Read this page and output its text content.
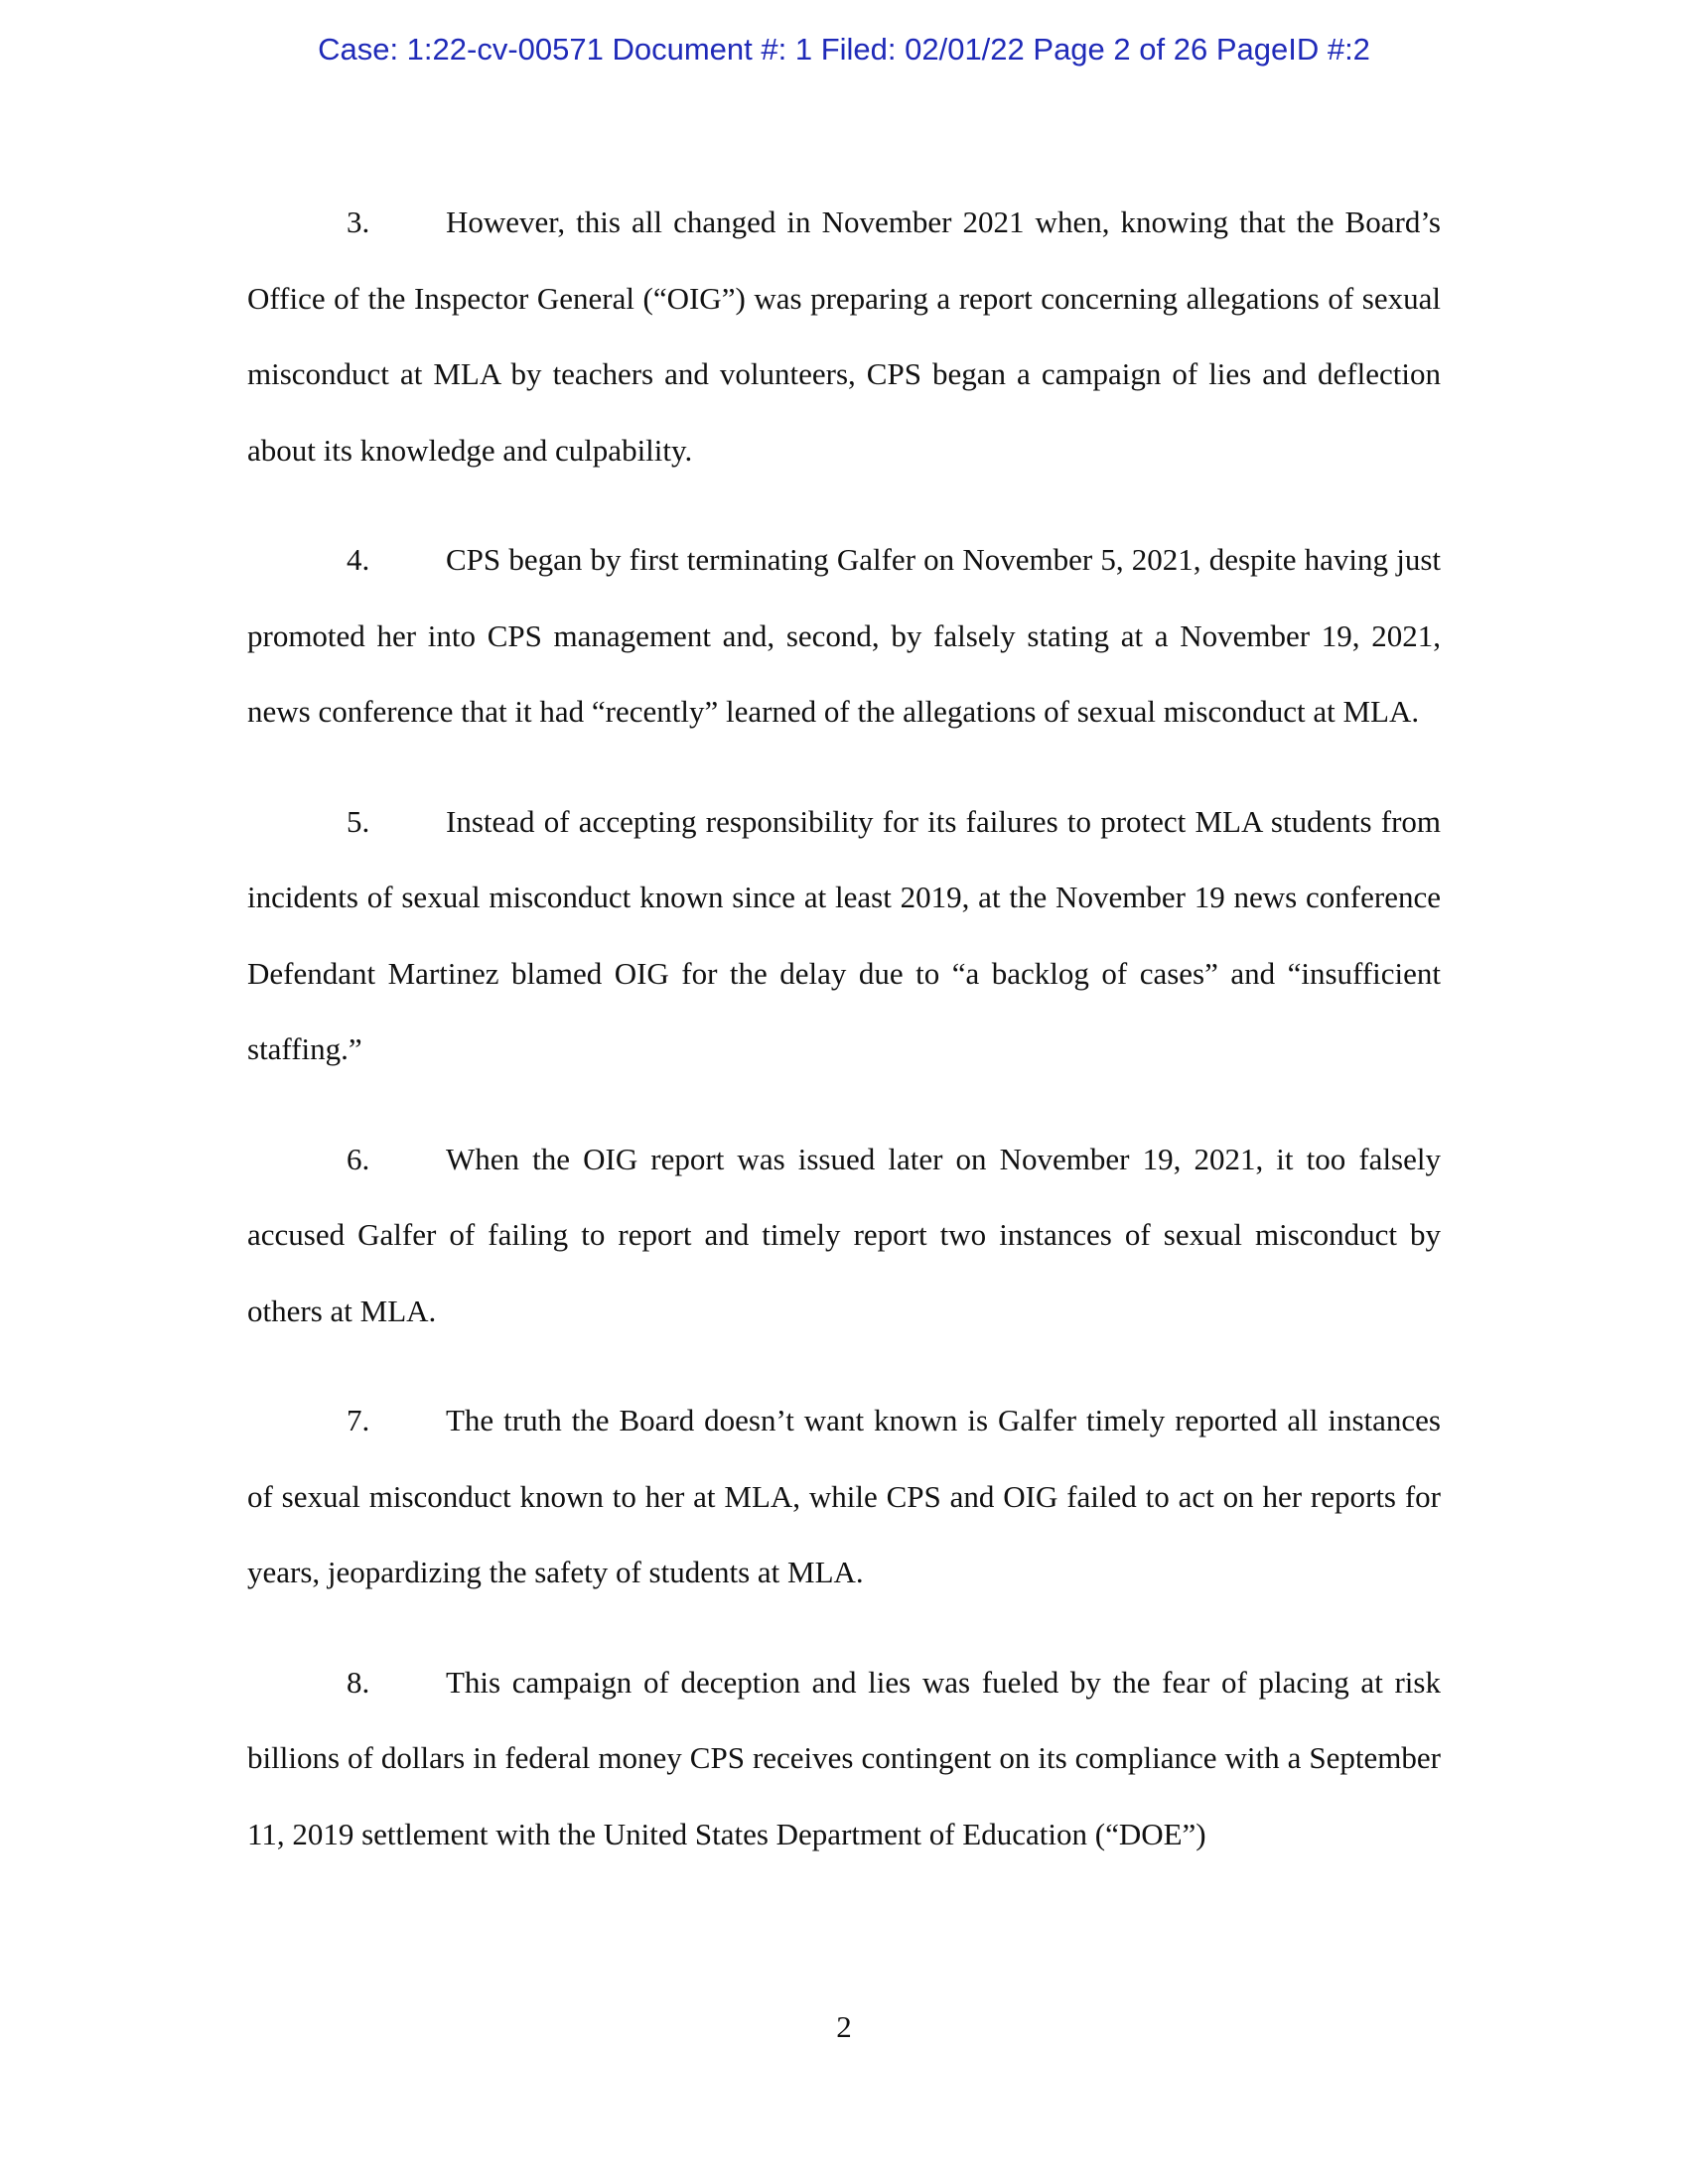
Case: 1:22-cv-00571 Document #: 1 Filed: 02/01/22 Page 2 of 26 PageID #:2

3. However, this all changed in November 2021 when, knowing that the Board’s Office of the Inspector General (“OIG”) was preparing a report concerning allegations of sexual misconduct at MLA by teachers and volunteers, CPS began a campaign of lies and deflection about its knowledge and culpability.

4. CPS began by first terminating Galfer on November 5, 2021, despite having just promoted her into CPS management and, second, by falsely stating at a November 19, 2021, news conference that it had “recently” learned of the allegations of sexual misconduct at MLA.

5. Instead of accepting responsibility for its failures to protect MLA students from incidents of sexual misconduct known since at least 2019, at the November 19 news conference Defendant Martinez blamed OIG for the delay due to “a backlog of cases” and “insufficient staffing.”

6. When the OIG report was issued later on November 19, 2021, it too falsely accused Galfer of failing to report and timely report two instances of sexual misconduct by others at MLA.

7. The truth the Board doesn’t want known is Galfer timely reported all instances of sexual misconduct known to her at MLA, while CPS and OIG failed to act on her reports for years, jeopardizing the safety of students at MLA.

8. This campaign of deception and lies was fueled by the fear of placing at risk billions of dollars in federal money CPS receives contingent on its compliance with a September 11, 2019 settlement with the United States Department of Education (“DOE”)

2
